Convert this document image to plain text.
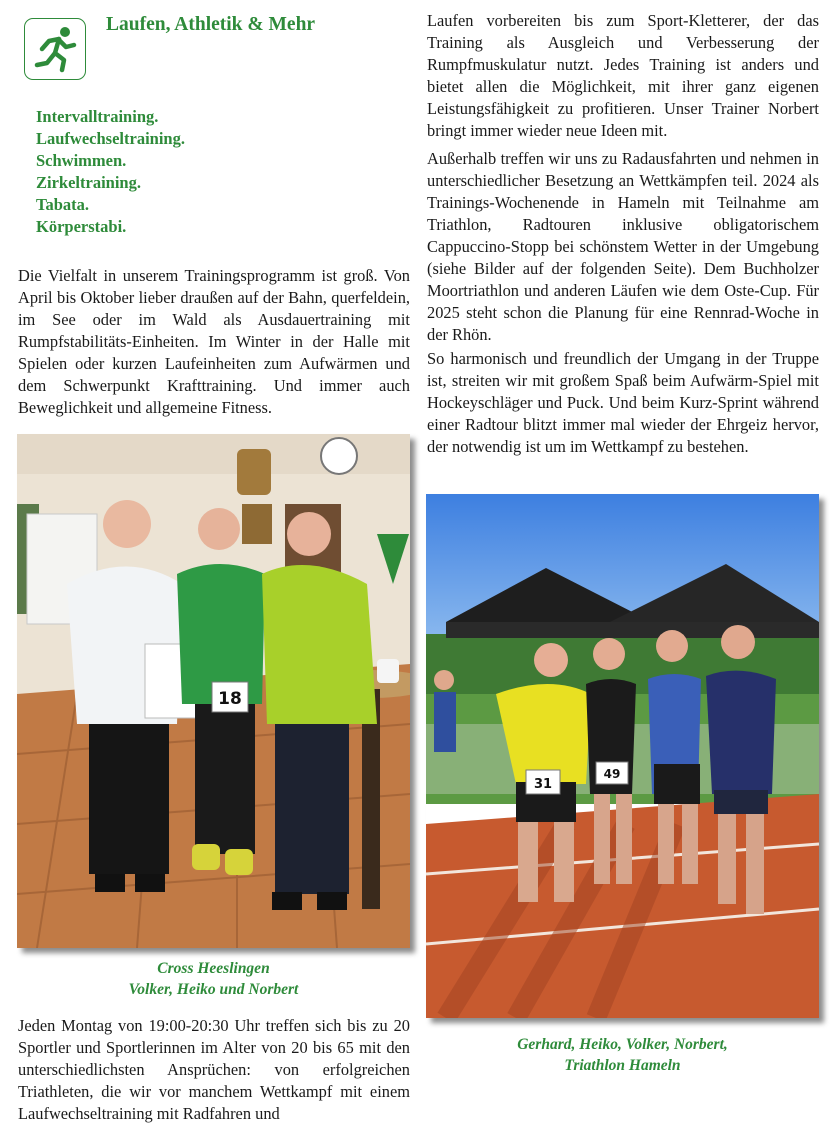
Laufen, Athletik & Mehr
Intervalltraining.
Laufwechseltraining.
Schwimmen.
Zirkeltraining.
Tabata.
Körperstabi.

Die Vielfalt in unserem Trainingsprogramm ist groß. Von April bis Oktober lieber draußen auf der Bahn, querfeldein, im See oder im Wald als Ausdauertraining mit Rumpfstabilitäts-Einheiten. Im Winter in der Halle mit Spielen oder kurzen Laufeinheiten zum Aufwärmen und dem Schwerpunkt Krafttraining. Und immer auch Beweglichkeit und allgemeine Fitness.

18

Cross Heeslingen
Volker, Heiko und Norbert

Jeden Montag von 19:00-20:30 Uhr treffen sich bis zu 20 Sportler und Sportlerinnen im Alter von 20 bis 65 mit den unterschiedlichsten Ansprüchen: von erfolgreichen Triathleten, die wir vor manchem Wettkampf mit einem Laufwechseltraining mit Radfahren und

Laufen vorbereiten bis zum Sport-Kletterer, der das Training als Ausgleich und Verbesserung der Rumpfmuskulatur nutzt. Jedes Training ist anders und bietet allen die Möglichkeit, mit ihrer ganz eigenen Leistungsfähigkeit zu profitieren. Unser Trainer Norbert bringt immer wieder neue Ideen mit.

Außerhalb treffen wir uns zu Radausfahrten und nehmen in unterschiedlicher Besetzung an Wettkämpfen teil. 2024 als Trainings-Wochenende in Hameln mit Teilnahme am Triathlon, Radtouren inklusive obligatorischem Cappuccino-Stopp bei schönstem Wetter in der Umgebung (siehe Bilder auf der folgenden Seite). Dem Buchholzer Moortriathlon und anderen Läufen wie dem Oste-Cup. Für 2025 steht schon die Planung für eine Rennrad-Woche in der Rhön.

So harmonisch und freundlich der Umgang in der Truppe ist, streiten wir mit großem Spaß beim Aufwärm-Spiel mit Hockeyschläger und Puck. Und beim Kurz-Sprint während einer Radtour blitzt immer mal wieder der Ehrgeiz hervor, der notwendig ist um im Wettkampf zu bestehen.

31
49

Gerhard, Heiko, Volker, Norbert,
Triathlon Hameln
